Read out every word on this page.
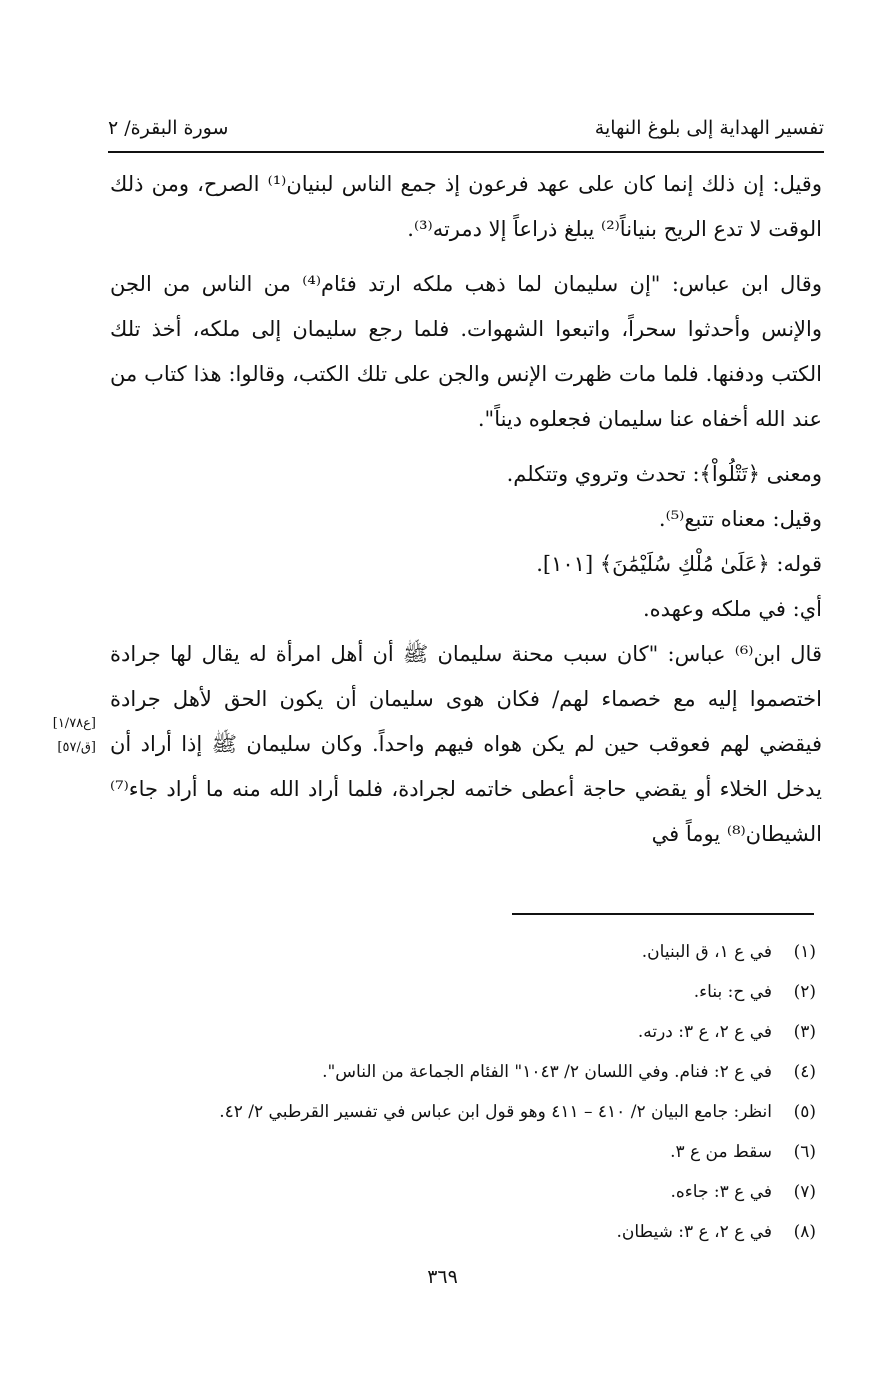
تفسير الهداية إلى بلوغ النهاية
سورة البقرة/ ٢

وقيل: إن ذلك إنما كان على عهد فرعون إذ جمع الناس لبنيان⁽¹⁾ الصرح، ومن ذلك الوقت لا تدع الريح بنياناً⁽²⁾ يبلغ ذراعاً إلا دمرته⁽³⁾.

وقال ابن عباس: "إن سليمان لما ذهب ملكه ارتد فئام⁽⁴⁾ من الناس من الجن والإنس وأحدثوا سحراً، واتبعوا الشهوات. فلما رجع سليمان إلى ملكه، أخذ تلك الكتب ودفنها. فلما مات ظهرت الإنس والجن على تلك الكتب، وقالوا: هذا كتاب من عند الله أخفاه عنا سليمان فجعلوه ديناً".

ومعنى ﴿تَتْلُواْ﴾: تحدث وتروي وتتكلم.

وقيل: معناه تتبع⁽⁵⁾.

قوله: ﴿عَلَىٰ مُلْكِ سُلَيْمَٰنَ﴾ [١٠١].

أي: في ملكه وعهده.

قال ابن⁽⁶⁾ عباس: "كان سبب محنة سليمان ﷺ أن أهل امرأة له يقال لها جرادة اختصموا إليه مع خصماء لهم/ فكان هوى سليمان أن يكون الحق لأهل جرادة فيقضي لهم فعوقب حين لم يكن هواه فيهم واحداً. وكان سليمان ﷺ إذا أراد أن يدخل الخلاء أو يقضي حاجة أعطى خاتمه لجرادة، فلما أراد الله منه ما أراد جاء⁽⁷⁾ الشيطان⁽⁸⁾ يوماً في

[ع١/٧٨]
[ق/٥٧]
(١)في ع ١، ق البنيان.
(٢)في ح: بناء.
(٣)في ع ٢، ع ٣: درته.
(٤)في ع ٢: فنام. وفي اللسان ٢/ ١٠٤٣" الفئام الجماعة من الناس".
(٥)انظر: جامع البيان ٢/ ٤١٠ – ٤١١ وهو قول ابن عباس في تفسير القرطبي ٢/ ٤٢.
(٦)سقط من ع ٣.
(٧)في ع ٣: جاءه.
(٨)في ع ٢، ع ٣: شيطان.
٣٦٩
